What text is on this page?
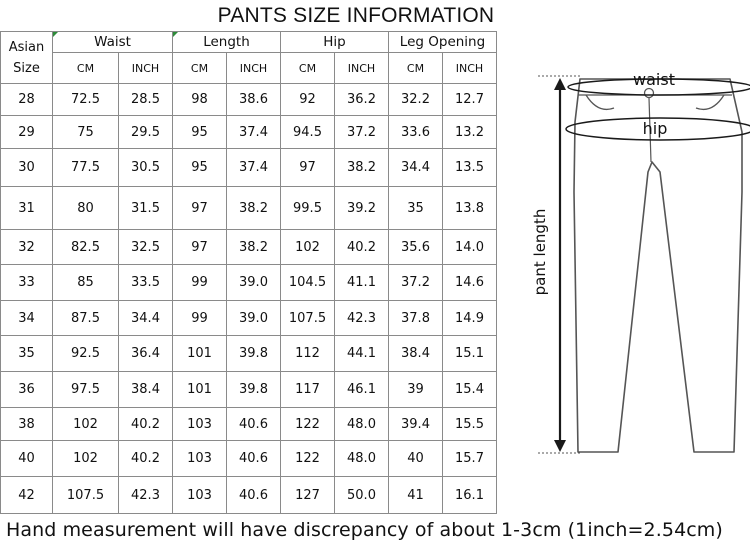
PANTS SIZE INFORMATION
Asian
Size	Waist		Length		Hip		Leg Opening	
	CM	INCH	CM	INCH	CM	INCH	CM	INCH
28	72.5	28.5	98	38.6	92	36.2	32.2	12.7
29	75	29.5	95	37.4	94.5	37.2	33.6	13.2
30	77.5	30.5	95	37.4	97	38.2	34.4	13.5
31	80	31.5	97	38.2	99.5	39.2	35	13.8
32	82.5	32.5	97	38.2	102	40.2	35.6	14.0
33	85	33.5	99	39.0	104.5	41.1	37.2	14.6
34	87.5	34.4	99	39.0	107.5	42.3	37.8	14.9
35	92.5	36.4	101	39.8	112	44.1	38.4	15.1
36	97.5	38.4	101	39.8	117	46.1	39	15.4
38	102	40.2	103	40.6	122	48.0	39.4	15.5
40	102	40.2	103	40.6	122	48.0	40	15.7
42	107.5	42.3	103	40.6	127	50.0	41	16.1
Hand measurement will have discrepancy of about 1-3cm (1inch=2.54cm)
waist
hip
pant length
